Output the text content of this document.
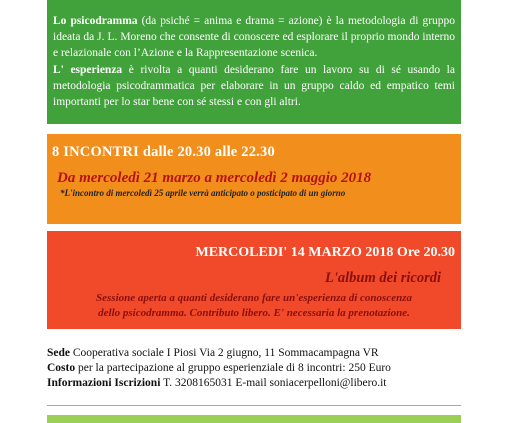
Lo psicodramma (da psiché = anima e drama = azione) è la metodologia di gruppo ideata da J. L. Moreno che consente di conoscere ed esplorare il proprio mondo interno e relazionale con l’Azione e la Rappresentazione scenica.

L' esperienza è rivolta a quanti desiderano fare un lavoro su di sé usando la metodologia psicodrammatica per elaborare in un gruppo caldo ed empatico temi importanti per lo star bene con sé stessi e con gli altri.

8 INCONTRI dalle 20.30 alle 22.30
Da mercoledì 21 marzo a mercoledì 2 maggio 2018
*L'incontro di mercoledì 25 aprile verrà anticipato o posticipato di un giorno
MERCOLEDI' 14 MARZO 2018 Ore 20.30
L'album dei ricordi
Sessione aperta a quanti desiderano fare un'esperienza di conoscenza
dello psicodramma. Contributo libero. E' necessaria la prenotazione.
Sede Cooperativa sociale I Piosi Via 2 giugno, 11 Sommacampagna VR
Costo per la partecipazione al gruppo esperienziale di 8 incontri: 250 Euro
Informazioni Iscrizioni T. 3208165031 E-mail soniacerpelloni@libero.it
